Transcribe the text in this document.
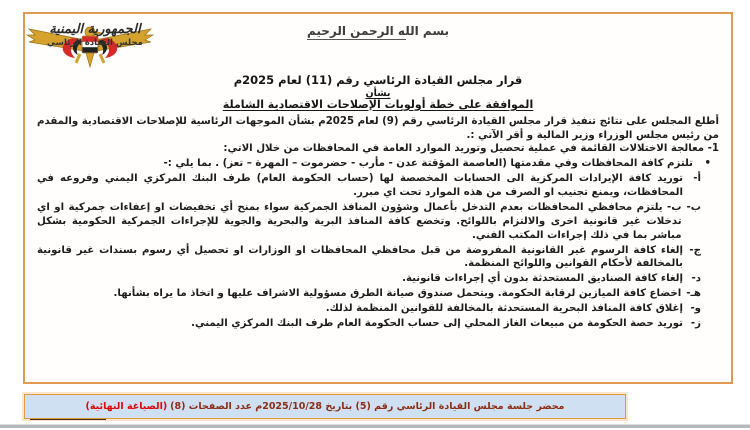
بسم الله الرحمن الرحيم
الجمهورية اليمنية
مجلس القيادة الرئاسي
قرار مجلس القيادة الرئاسي رقم (11) لعام 2025م
بشأن
الموافقة على خطة أولويات الإصلاحات الاقتصادية الشاملة

أطلع المجلس على نتائج تنفيذ قرار مجلس القيادة الرئاسي رقم (9) لعام 2025م بشأن الموجهات الرئاسية للإصلاحات الاقتصادية والمقدم من رئيس مجلس الوزراء وزير المالية و أقر الآتي :.

1- معالجة الاختلالات القائمة في عملية تحصيل وتوريد الموارد العامة في المحافظات من خلال الاتي:

•
تلتزم كافة المحافظات وفي مقدمتها (العاصمة المؤقتة عدن - مأرب - حضرموت – المهرة – تعز) . بما يلي :-
أ-
توريد كافة الإيرادات المركزية الى الحسابات المخصصة لها (حساب الحكومة العام) طرف البنك المركزي اليمني وفروعه في المحافظات، ويمنع تجنيب او الصرف من هذه الموارد تحت اي مبرر.
ب-
ب- يلتزم محافظي المحافظات بعدم التدخل بأعمال وشؤون المنافذ الجمركية سواء بمنح أي تخفيضات او إعفاءات جمركية او اي تدخلات غير قانونية اخرى والالتزام باللوائح. وتخضع كافة المنافذ البرية والبحرية والجوية للإجراءات الجمركية الحكومية بشكل مباشر بما في ذلك إجراءات المكتب الفني.
ج-
إلغاء كافة الرسوم غير القانونية المفروضة من قبل محافظي المحافظات او الوزارات او تحصيل أي رسوم بسندات غير قانونية بالمخالفة لأحكام القوانين واللوائح المنظمة.
د-
إلغاء كافة الصناديق المستحدثة بدون أي إجراءات قانونية.
هـ-
اخضاع كافة الميازين لرقابة الحكومة. ويتحمل صندوق صيانة الطرق مسؤولية الاشراف عليها و اتخاذ ما يراه بشأنها.
و-
إغلاق كافة المنافذ البحرية المستحدثة بالمخالفة للقوانين المنظمة لذلك.
ز-
توريد حصة الحكومة من مبيعات الغاز المحلي إلى حساب الحكومة العام طرف البنك المركزي اليمني.
محضر جلسة مجلس القيادة الرئاسي رقم (5) بتاريخ 2025/10/28م عدد الصفحات (8)
(الصياغة النهائية)
